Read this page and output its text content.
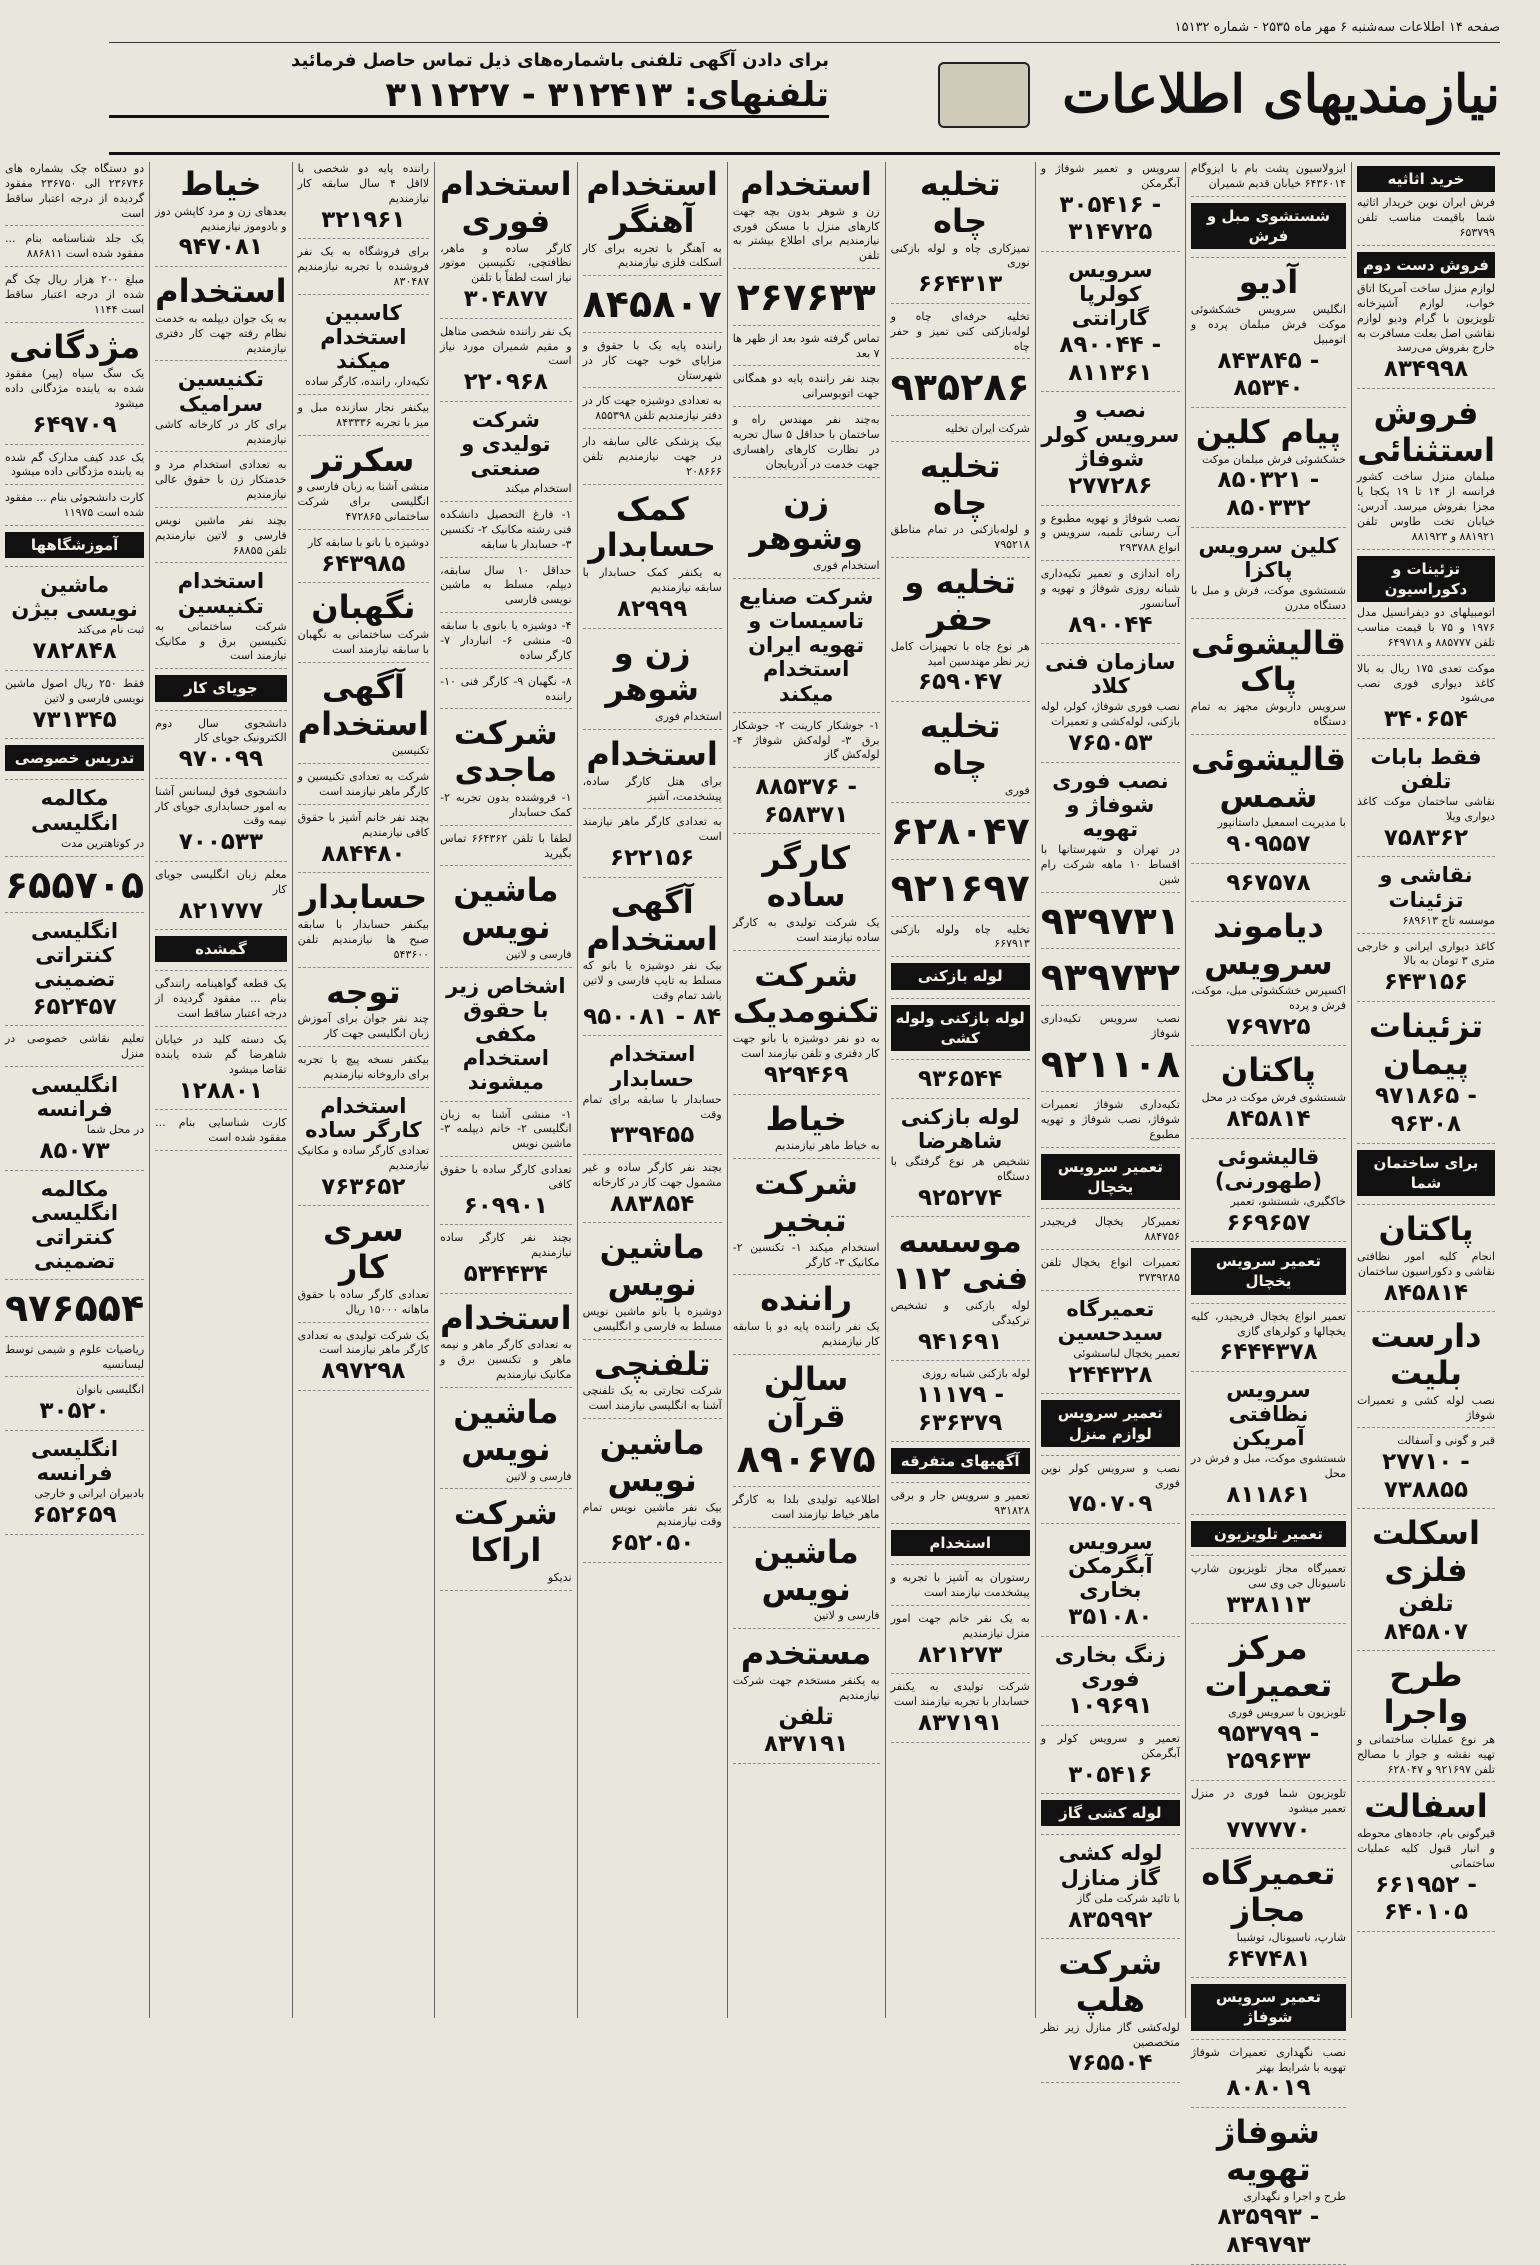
صفحه ۱۴ اطلاعات سه‌شنبه ۶ مهر ماه ۲۵۳۵ - شماره ۱۵۱۳۲
نیازمندیهای اطلاعات
برای دادن آگهی تلفنی باشماره‌های ذیل تماس حاصل فرمائید
تلفنهای: ۳۱۲۴۱۳ - ۳۱۱۲۲۷
خرید اثاثیه
فرش ایران نوین خریدار اثاثیه شما باقیمت مناسب تلفن ۶۵۳۷۹۹
فروش دست دوم
لوازم منزل ساخت آمریکا اتاق خواب، لوازم آشپزخانه تلویزیون با گرام ودیو لوازم نقاشی اصل بعلت مسافرت به خارج بفروش می‌رسد
۸۳۴۹۹۸
فروش استثنائی
مبلمان منزل ساخت کشور فرانسه از ۱۴ تا ۱۹ یکجا یا مجزا بفروش میرسد. آدرس: خیابان تخت طاوس تلفن ۸۸۱۹۲۱ و ۸۸۱۹۲۳
تزئینات و دکوراسیون
اتومبیلهای دو دیفرانسیل مدل ۱۹۷۶ و ۷۵ با قیمت مناسب تلفن ۸۸۵۷۷۷ و ۶۴۹۷۱۸
موکت تعدی ۱۷۵ ریال به بالا کاغذ دیواری فوری نصب می‌شود
۳۴۰۶۵۴
فقط بابات تلفن
نقاشی ساختمان موکت کاغذ دیواری ویلا
۷۵۸۳۶۲
نقاشی و تزئینات
موسسه تاج ۶۸۹۶۱۳
کاغذ دیواری ایرانی و خارجی متری ۳ تومان به بالا
۶۴۳۱۵۶
تزئینات پیمان
۹۷۱۸۶۵ - ۹۶۳۰۸
برای ساختمان شما
پاکتان
انجام کلیه امور نظافتی نقاشی و دکوراسیون ساختمان
۸۴۵۸۱۴
دارست بلیت
نصب لوله کشی و تعمیرات شوفاژ
قبر و گونی و آسفالت
۲۷۷۱۰ - ۷۳۸۸۵۵
اسکلت فلزی
تلفن ۸۴۵۸۰۷
طرح واجرا
هر نوع عملیات ساختمانی و تهیه نقشه و جواز با مصالح تلفن ۹۲۱۶۹۷ و ۶۲۸۰۴۷
اسفالت
قیرگونی بام، جاده‌های محوطه و انبار قبول کلیه عملیات ساختمانی
۶۶۱۹۵۲ - ۶۴۰۱۰۵
ایزولاسیون پشت بام با ایزوگام ۶۴۳۶۰۱۴ خیابان قدیم شمیران
شستشوی مبل و فرش
آدیو
انگلیس سرویس خشکشوئی موکت فرش مبلمان پرده و اتومبیل
۸۴۳۸۴۵ - ۸۵۳۴۰
پیام کلین
خشکشوئی فرش مبلمان موکت
۸۵۰۳۲۱ - ۸۵۰۳۳۲
کلین سرویس پاکزا
شستشوی موکت، فرش و مبل با دستگاه مدرن
قالیشوئی پاک
سرویس داربوش مجهز به تمام دستگاه
قالیشوئی شمس
با مدیریت اسمعیل داستانپور
۹۰۹۵۵۷
۹۶۷۵۷۸
دیاموند سرویس
اکسپرس خشکشوئی مبل، موکت، فرش و پرده
۷۶۹۷۲۵
پاکتان
شستشوی فرش موکت در محل
۸۴۵۸۱۴
قالیشوئی (طهورنی)
خاکگیری، شستشو، تعمیر
۶۶۹۶۵۷
تعمیر سرویس یخچال
تعمیر انواع یخچال فریجیدر، کلیه یخچالها و کولرهای گازی
۶۴۴۴۳۷۸
سرویس نظافتی آمریکن
شستشوی موکت، مبل و فرش در محل
۸۱۱۸۶۱
تعمیر تلویزیون
تعمیرگاه مجاز تلویزیون شارپ ناسیونال جی وی سی
۳۳۸۱۱۳
مرکز تعمیرات
تلویزیون با سرویس فوری
۹۵۳۷۹۹ - ۲۵۹۶۳۳
تلویزیون شما فوری در منزل تعمیر میشود
۷۷۷۷۷۰
تعمیرگاه مجاز
شارپ، ناسیونال، توشیبا
۶۴۷۴۸۱
تعمیر سرویس شوفاژ
نصب نگهداری تعمیرات شوفاژ تهویه با شرایط بهتر
۸۰۸۰۱۹
شوفاژ تهویه
طرح و اجرا و نگهداری
۸۳۵۹۹۳ - ۸۴۹۷۹۳
سرویس و تعمیر شوفاژ و آبگرمکن
۳۰۵۴۱۶ - ۳۱۴۷۲۵
سرویس کولرپا گارانتی
۸۹۰۰۴۴ - ۸۱۱۳۶۱
نصب و سرویس کولر شوفاژ
۲۷۷۲۸۶
نصب شوفاژ و تهویه مطبوع و آب رسانی تلمبه، سرویس و انواع ۲۹۳۷۸۸
راه اندازی و تعمیر تکیه‌داری شبانه روزی شوفاژ و تهویه و آسانسور
۸۹۰۰۴۴
سازمان فنی کلاد
نصب فوری شوفاژ، کولر، لوله بازکنی، لوله‌کشی و تعمیرات
۷۶۵۰۵۳
نصب فوری شوفاژ و تهویه
در تهران و شهرستانها با اقساط ۱۰ ماهه شرکت رام شین
۹۳۹۷۳۱
۹۳۹۷۳۲
نصب سرویس تکیه‌داری شوفاژ
۹۲۱۱۰۸
تکیه‌داری شوفاژ تعمیرات شوفاژ، نصب شوفاژ و تهویه مطبوع
تعمیر سرویس یخچال
تعمیرکار یخچال فریجیدر ۸۸۴۷۵۶
تعمیرات انواع یخچال تلفن ۳۷۳۹۲۸۵
تعمیرگاه سیدحسین
تعمیر یخچال لباسشوئی
۲۴۴۳۲۸
تعمیر سرویس لوازم منزل
نصب و سرویس کولر نوین فوری
۷۵۰۷۰۹
سرویس آبگرمکن بخاری
۳۵۱۰۸۰
زنگ بخاری فوری
۱۰۹۶۹۱
تعمیر و سرویس کولر و آبگرمکن
۳۰۵۴۱۶
لوله کشی گاز
لوله کشی گاز منازل
با تائید شرکت ملی گاز
۸۳۵۹۹۲
شرکت هلپ
لوله‌کشی گاز منازل زیر نظر متخصصین
۷۶۵۵۰۴
تخلیه چاه
تمیزکاری چاه و لوله بازکنی نوری
۶۶۴۳۱۳
تخلیه حرفه‌ای چاه و لوله‌بازکنی کنی تمیز و حفر چاه
۹۳۵۲۸۶
شرکت ایران تخلیه
تخلیه چاه
و لوله‌بازکنی در تمام مناطق ۷۹۵۲۱۸
تخلیه و حفر
هر نوع چاه با تجهیزات کامل زیر نظر مهندسین امید
۶۵۹۰۴۷
تخلیه چاه
فوری
۶۲۸۰۴۷
۹۲۱۶۹۷
تخلیه چاه ولوله بازکنی ۶۶۷۹۱۳
لوله بازکنی
لوله بازکنی ولوله کشی
۹۳۶۵۴۴
لوله بازکنی شاهرضا
تشخیص هر نوع گرفتگی با دستگاه
۹۲۵۲۷۴
موسسه فنی ۱۱۲
لوله بازکنی و تشخیص ترکیدگی
۹۴۱۶۹۱
لوله بازکنی شبانه روزی
۱۱۱۷۹ - ۶۳۶۳۷۹
آگهیهای متفرقه
تعمیر و سرویس جار و برقی ۹۳۱۸۲۸
استخدام
رستوران به آشپز با تجربه و پیشخدمت نیازمند است
به یک نفر خانم جهت امور منزل نیازمندیم
۸۲۱۲۷۳
شرکت تولیدی به یکنفر حسابدار با تجربه نیازمند است
۸۳۷۱۹۱
استخدام
زن و شوهر بدون بچه جهت کارهای منزل با مسکن فوری نیازمندیم برای اطلاع بیشتر به تلفن
۲۶۷۶۳۳
تماس گرفته شود بعد از ظهر ها ۷ بعد
بچند نفر راننده پایه دو همگانی جهت اتوبوسرانی
به‌چند نفر مهندس راه و ساختمان با حداقل ۵ سال تجربه در نظارت کارهای راهسازی جهت خدمت در آذربایجان
زن وشوهر
استخدام فوری
شرکت صنایع تاسیسات و تهویه ایران استخدام میکند
۱- جوشکار کارینت ۲- جوشکار برق ۳- لوله‌کش شوفاژ ۴- لوله‌کش گاز
۸۸۵۳۷۶ - ۶۵۸۳۷۱
کارگر ساده
یک شرکت تولیدی به کارگر ساده نیازمند است
شرکت تکنومدیک
به دو نفر دوشیزه یا بانو جهت کار دفتری و تلفن نیازمند است
۹۲۹۴۶۹
خیاط
به خیاط ماهر نیازمندیم
شرکت تبخیر
استخدام میکند ۱- تکنسین ۲- مکانیک ۳- کارگر
راننده
یک نفر راننده پایه دو با سابقه کار نیازمندیم
سالن قرآن
۸۹۰۶۷۵
اطلاعیه تولیدی بلدا به کارگر ماهر خیاط نیازمند است
ماشین نویس
فارسی و لاتین
مستخدم
به یکنفر مستخدم جهت شرکت نیازمندیم
تلفن ۸۳۷۱۹۱
استخدام آهنگر
به آهنگر با تجربه برای کار اسکلت فلزی نیازمندیم
۸۴۵۸۰۷
راننده پایه یک با حقوق و مزایای خوب جهت کار در شهرستان
به تعدادی دوشیزه جهت کار در دفتر نیازمندیم تلفن ۸۵۵۳۹۸
بیک پزشکی عالی سابقه دار در جهت نیازمندیم تلفن ۲۰۸۶۶۶
کمک حسابدار
به یکنفر کمک حسابدار با سابقه نیازمندیم
۸۲۹۹۹
زن و شوهر
استخدام فوری
استخدام
برای هتل کارگر ساده، پیشخدمت، آشپز
به تعدادی کارگر ماهر نیازمند است
۶۲۲۱۵۶
آگهی استخدام
بیک نفر دوشیزه یا بانو که مسلط به تایپ فارسی و لاتین باشد تمام وقت
۹۵۰۰۸۱ - ۸۴
استخدام حسابدار
حسابدار با سابقه برای تمام وقت
۳۳۹۴۵۵
بچند نفر کارگر ساده و غیر مشمول جهت کار در کارخانه
۸۸۳۸۵۴
ماشین نویس
دوشیزه یا بانو ماشین نویس مسلط به فارسی و انگلیسی
تلفنچی
شرکت تجارتی به یک تلفنچی آشنا به انگلیسی نیازمند است
ماشین نویس
بیک نفر ماشین نویس تمام وقت نیازمندیم
۶۵۲۰۵۰
استخدام فوری
کارگر ساده و ماهر، نظافتچی، تکنیسین موتور نیاز است لطفاً با تلفن
۳۰۴۸۷۷
یک نفر راننده شخصی متاهل و مقیم شمیران مورد نیاز است
۲۲۰۹۶۸
شرکت تولیدی و صنعتی
استخدام میکند
۱- فارغ التحصیل دانشکده فنی رشته مکانیک ۲- تکنسین ۳- حسابدار با سابقه
حداقل ۱۰ سال سابقه، دیپلم، مسلط به ماشین نویسی فارسی
۴- دوشیزه یا بانوی با سابقه ۵- منشی ۶- انباردار ۷- کارگر ساده
۸- نگهبان ۹- کارگر فنی ۱۰- راننده
شرکت ماجدی
۱- فروشنده بدون تجربه ۲- کمک حسابدار
لطفا با تلفن ۶۶۴۳۶۲ تماس بگیرید
ماشین نویس
فارسی و لاتین
اشخاص زیر با حقوق مکفی استخدام میشوند
۱- منشی آشنا به زبان انگلیسی ۲- خانم دیپلمه ۳- ماشین نویس
تعدادی کارگر ساده با حقوق کافی
۶۰۹۹۰۱
بچند نفر کارگر ساده نیازمندیم
۵۳۴۴۳۴
استخدام
به تعدادی کارگر ماهر و نیمه ماهر و تکنسین برق و مکانیک نیازمندیم
ماشین نویس
فارسی و لاتین
شرکت اراکا
ندیکو
راننده پایه دو شخصی با لااقل ۴ سال سابقه کار نیازمندیم
۳۲۱۹۶۱
برای فروشگاه به یک نفر فروشنده با تجربه نیازمندیم ۸۳۰۴۸۷
کاسبین استخدام میکند
تکیه‌دار، راننده، کارگر ساده
بیکنفر نجار سازنده مبل و میز با تجربه ۸۴۳۳۳۶
سکرتر
منشی آشنا به زبان فارسی و انگلیسی برای شرکت ساختمانی ۴۷۲۸۶۵
دوشیزه یا بانو با سابقه کار
۶۴۳۹۸۵
نگهبان
شرکت ساختمانی به نگهبان با سابقه نیازمند است
آگهی استخدام
تکنیسین
شرکت به تعدادی تکنیسین و کارگر ماهر نیازمند است
بچند نفر خانم آشپز با حقوق کافی نیازمندیم
۸۸۴۴۸۰
حسابدار
بیکنفر حسابدار با سابقه صبح ها نیازمندیم تلفن ۵۴۳۶۰۰
توجه
چند نفر جوان برای آموزش زبان انگلیسی جهت کار
بیکنفر نسخه پیچ با تجربه برای داروخانه نیازمندیم
استخدام کارگر ساده
تعدادی کارگر ساده و مکانیک نیازمندیم
۷۶۳۶۵۲
سری کار
تعدادی کارگر ساده با حقوق ماهانه ۱۵۰۰۰ ریال
یک شرکت تولیدی به تعدادی کارگر ماهر نیازمند است
۸۹۷۲۹۸
خیاط
بعدهای زن و مرد کاپشن دوز و بادوموز نیازمندیم
۹۴۷۰۸۱
استخدام
به یک جوان دیپلمه به خدمت نظام رفته جهت کار دفتری نیازمندیم
تکنیسین سرامیک
برای کار در کارخانه کاشی نیازمندیم
به تعدادی استخدام مرد و خدمتکار زن با حقوق عالی نیازمندیم
بچند نفر ماشین نویس فارسی و لاتین نیازمندیم تلفن ۶۸۸۵۵
استخدام تکنیسین
شرکت ساختمانی به تکنیسین برق و مکانیک نیازمند است
جویای کار
دانشجوی سال دوم الکترونیک جویای کار
۹۷۰۰۹۹
دانشجوی فوق لیسانس آشنا به امور حسابداری جویای کار نیمه وقت
۷۰۰۵۳۳
معلم زبان انگلیسی جویای کار
۸۲۱۷۷۷
گمشده
یک قطعه گواهینامه رانندگی بنام ... مفقود گردیده از درجه اعتبار ساقط است
یک دسته کلید در خیابان شاهرضا گم شده یابنده تقاضا میشود
۱۲۸۸۰۱
کارت شناسایی بنام ... مفقود شده است
دو دستگاه چک بشماره های ۲۳۶۷۴۶ الی ۲۳۶۷۵۰ مفقود گردیده از درجه اعتبار ساقط است
یک جلد شناسنامه بنام ... مفقود شده است ۸۸۶۸۱۱
مبلغ ۲۰۰ هزار ریال چک گم شده از درجه اعتبار ساقط است ۱۱۴۴
مژدگانی
یک سگ سیاه (پیر) مفقود شده به یابنده مژدگانی داده میشود
۶۴۹۷۰۹
یک عدد کیف مدارک گم شده به یابنده مژدگانی داده میشود
کارت دانشجوئی بنام ... مفقود شده است ۱۱۹۷۵
آموزشگاهها
ماشین نویسی بیژن
ثبت نام می‌کند
۷۸۲۸۴۸
فقط ۲۵۰ ریال اصول ماشین نویسی فارسی و لاتین
۷۳۱۳۴۵
تدریس خصوصی
مکالمه انگلیسی
در کوتاهترین مدت
۶۵۵۷۰۵
انگلیسی کنتراتی تضمینی
۶۵۲۴۵۷
تعلیم نقاشی خصوصی در منزل
انگلیسی فرانسه
در محل شما
۸۵۰۷۳
مکالمه انگلیسی کنتراتی تضمینی
۹۷۶۵۵۴
ریاضیات علوم و شیمی توسط لیسانسیه
انگلیسی بانوان
۳۰۵۲۰
انگلیسی فرانسه
بادبیران ایرانی و خارجی
۶۵۲۶۵۹
